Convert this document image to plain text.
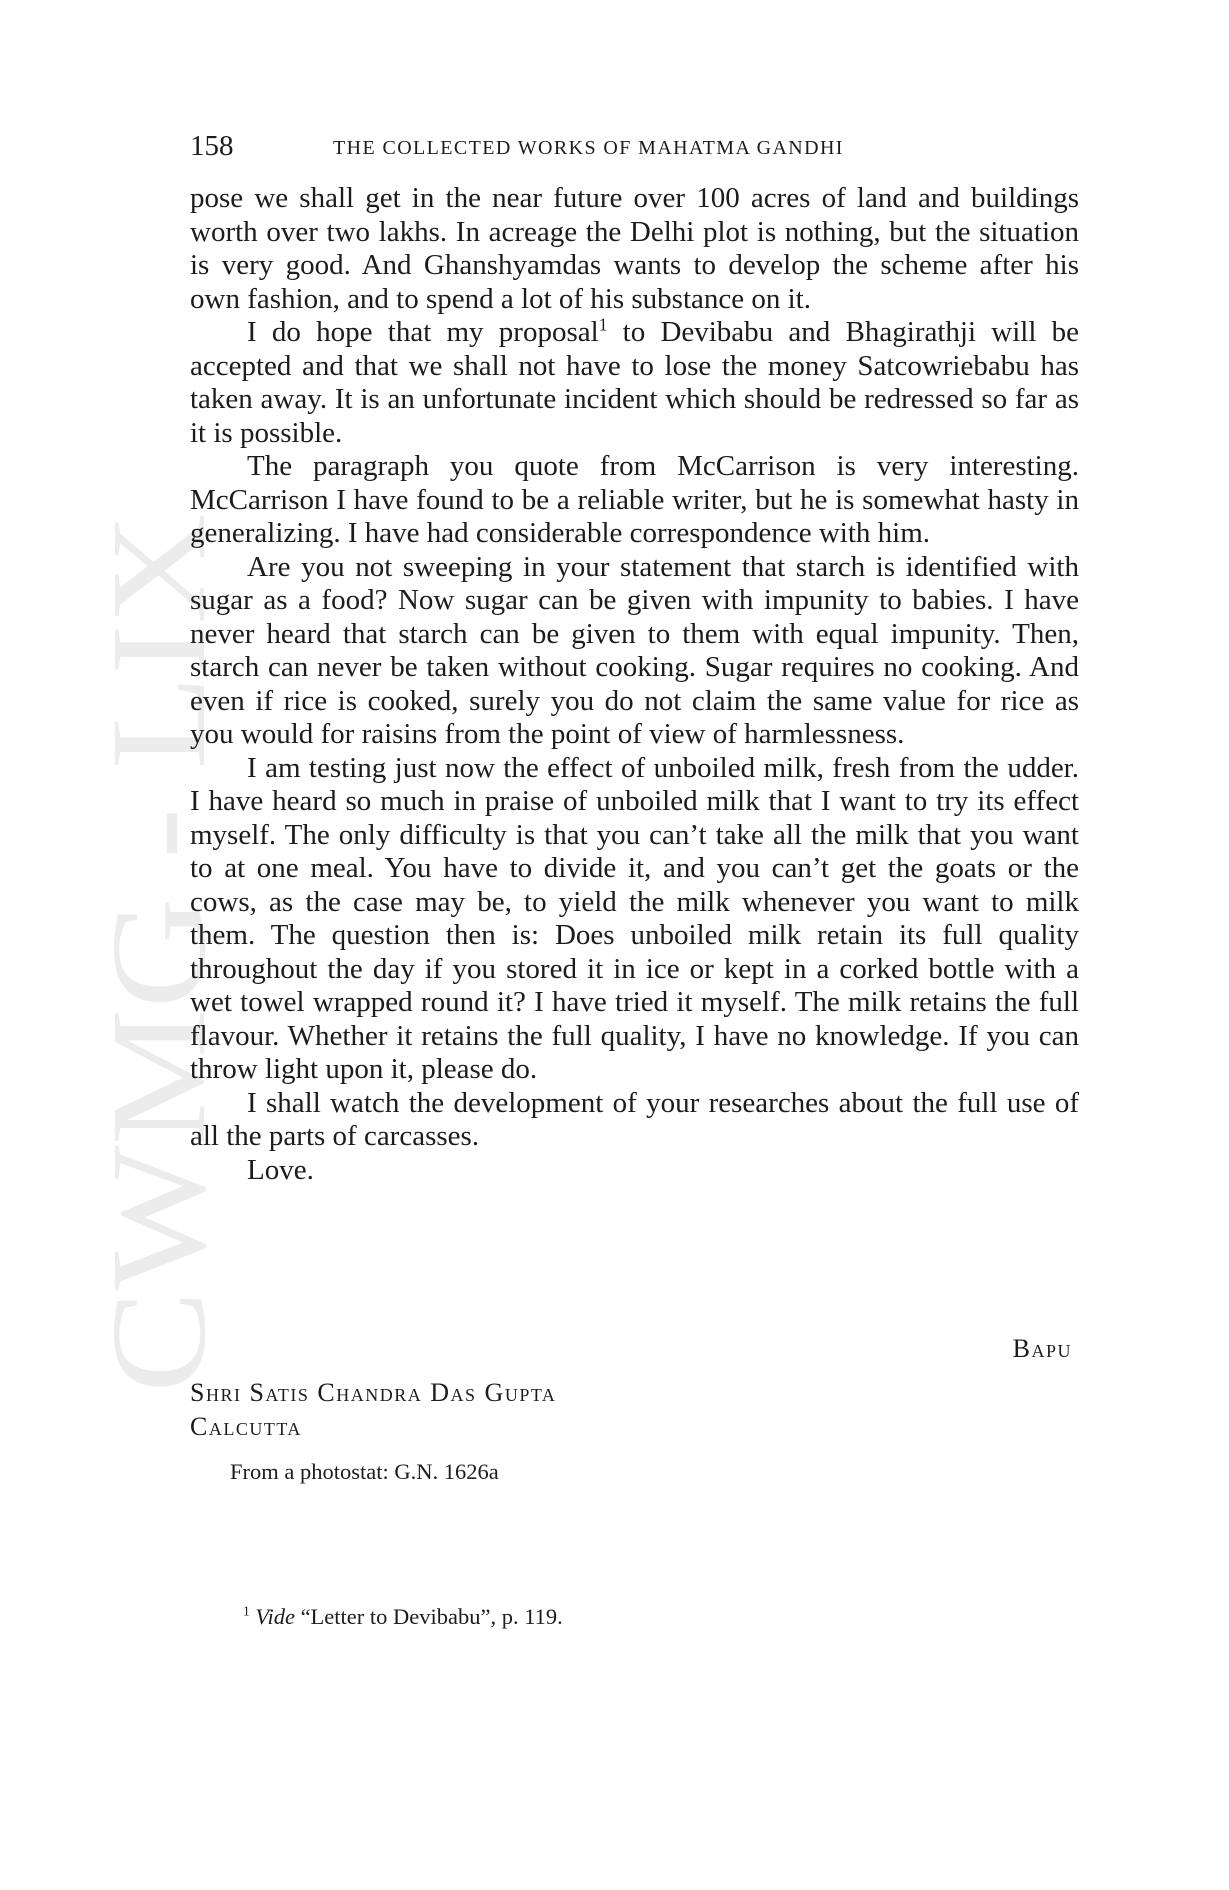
CWMG - LIX
158	THE COLLECTED WORKS OF MAHATMA GANDHI

pose we shall get in the near future over 100 acres of land and buildings worth over two lakhs. In acreage the Delhi plot is nothing, but the situation is very good. And Ghanshyamdas wants to develop the scheme after his own fashion, and to spend a lot of his substance on it.

I do hope that my proposal$^1$ to Devibabu and Bhagirathji will be accepted and that we shall not have to lose the money Satcowriebabu has taken away. It is an unfortunate incident which should be redressed so far as it is possible.

The paragraph you quote from McCarrison is very interesting. McCarrison I have found to be a reliable writer, but he is somewhat hasty in generalizing. I have had considerable correspondence with him.

Are you not sweeping in your statement that starch is identified with sugar as a food? Now sugar can be given with impunity to babies. I have never heard that starch can be given to them with equal impunity. Then, starch can never be taken without cooking. Sugar requires no cooking. And even if rice is cooked, surely you do not claim the same value for rice as you would for raisins from the point of view of harmlessness.

I am testing just now the effect of unboiled milk, fresh from the udder. I have heard so much in praise of unboiled milk that I want to try its effect myself. The only difficulty is that you can’t take all the milk that you want to at one meal. You have to divide it, and you can’t get the goats or the cows, as the case may be, to yield the milk whenever you want to milk them. The question then is: Does unboiled milk retain its full quality throughout the day if you stored it in ice or kept in a corked bottle with a wet towel wrapped round it? I have tried it myself. The milk retains the full flavour. Whether it retains the full quality, I have no knowledge. If you can throw light upon it, please do.

I shall watch the development of your researches about the full use of all the parts of carcasses.

Love.

Bapu
Shri Satis Chandra Das Gupta
Calcutta
From a photostat: G.N. 1626a
$^1$ Vide “Letter to Devibabu”, p. 119.
